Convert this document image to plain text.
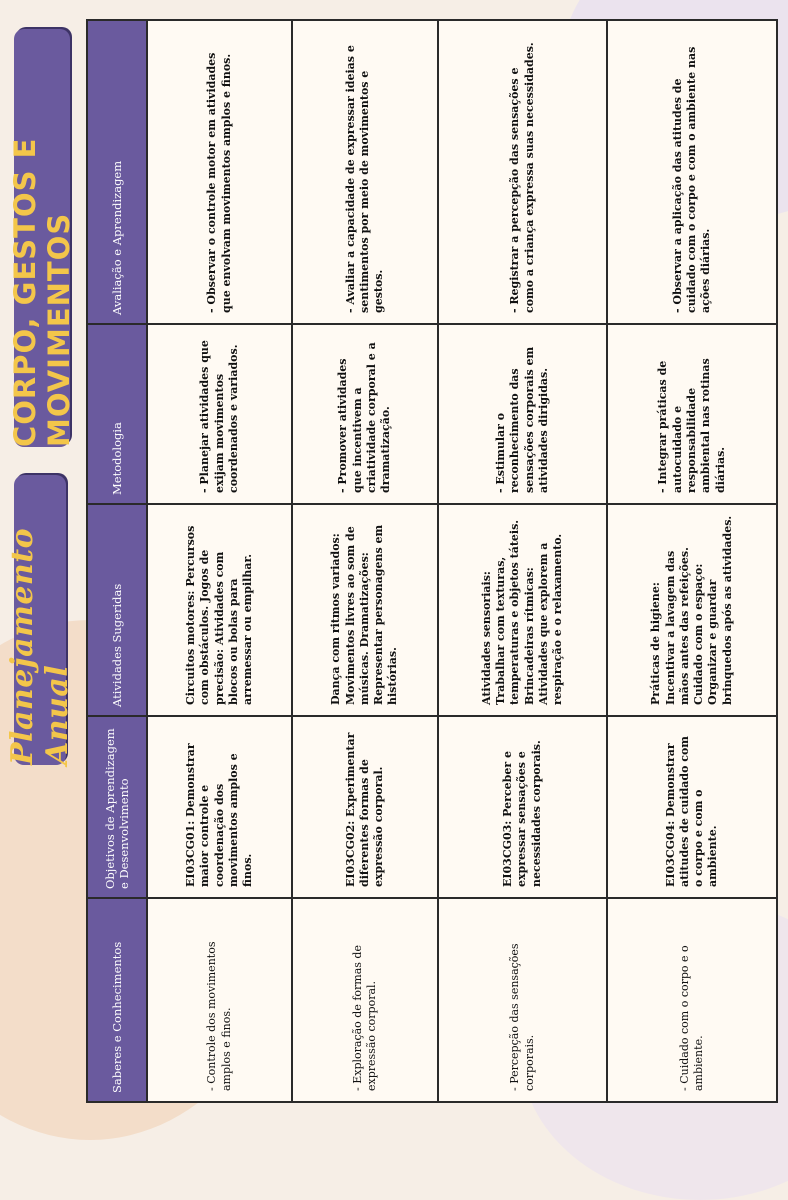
Planejamento Anual
CORPO, GESTOS E MOVIMENTOS
Saberes e Conhecimentos	Objetivos de Aprendizagem e Desenvolvimento	Atividades Sugeridas	Metodologia	Avaliação e Aprendizagem
- Controle dos movimentos amplos e finos.	EI03CG01: Demonstrar maior controle e coordenação dos movimentos amplos e finos.	Circuitos motores: Percursos com obstáculos. Jogos de precisão: Atividades com blocos ou bolas para arremessar ou empilhar.	- Planejar atividades que exijam movimentos coordenados e variados.	- Observar o controle motor em atividades que envolvam movimentos amplos e finos.
- Exploração de formas de expressão corporal.	EI03CG02: Experimentar diferentes formas de expressão corporal.	Dança com ritmos variados: Movimentos livres ao som de músicas. Dramatizações: Representar personagens em histórias.	- Promover atividades que incentivem a criatividade corporal e a dramatização.	- Avaliar a capacidade de expressar ideias e sentimentos por meio de movimentos e gestos.
- Percepção das sensações corporais.	EI03CG03: Perceber e expressar sensações e necessidades corporais.	Atividades sensoriais: Trabalhar com texturas, temperaturas e objetos táteis. Brincadeiras rítmicas: Atividades que explorem a respiração e o relaxamento.	- Estimular o reconhecimento das sensações corporais em atividades dirigidas.	- Registrar a percepção das sensações e como a criança expressa suas necessidades.
- Cuidado com o corpo e o ambiente.	EI03CG04: Demonstrar atitudes de cuidado com o corpo e com o ambiente.	Práticas de higiene: Incentivar a lavagem das mãos antes das refeições. Cuidado com o espaço: Organizar e guardar brinquedos após as atividades.	- Integrar práticas de autocuidado e responsabilidade ambiental nas rotinas diárias.	- Observar a aplicação das atitudes de cuidado com o corpo e com o ambiente nas ações diárias.
